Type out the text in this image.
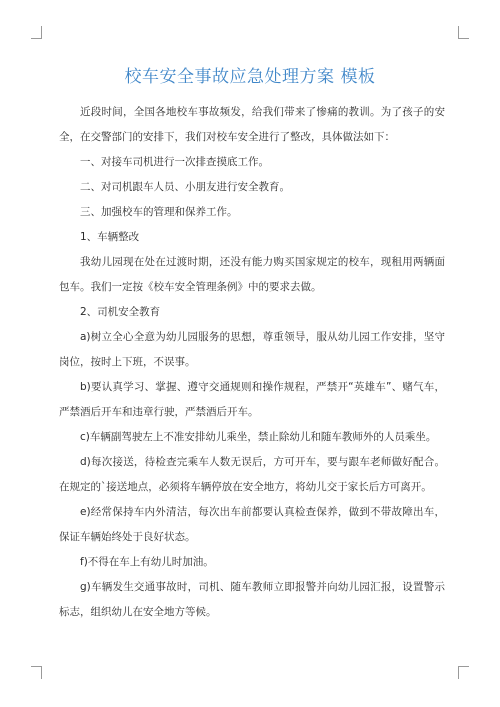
校车安全事故应急处理方案 模板

近段时间，全国各地校车事故频发，给我们带来了惨痛的教训。为了孩子的安全，在交警部门的安排下，我们对校车安全进行了整改，具体做法如下：

一、对接车司机进行一次排查摸底工作。

二、对司机跟车人员、小朋友进行安全教育。

三、加强校车的管理和保养工作。

1、车辆整改

我幼儿园现在处在过渡时期，还没有能力购买国家规定的校车，现租用两辆面包车。我们一定按《校车安全管理条例》中的要求去做。

2、司机安全教育

a)树立全心全意为幼儿园服务的思想，尊重领导，服从幼儿园工作安排，坚守岗位，按时上下班，不误事。

b)要认真学习、掌握、遵守交通规则和操作规程，严禁开“英雄车”、赌气车，严禁酒后开车和违章行驶，严禁酒后开车。

c)车辆副驾驶左上不准安排幼儿乘坐，禁止除幼儿和随车教师外的人员乘坐。

d)每次接送，待检查完乘车人数无误后，方可开车，要与跟车老师做好配合。在规定的`接送地点，必须将车辆停放在安全地方，将幼儿交于家长后方可离开。

e)经常保持车内外清洁，每次出车前都要认真检查保养，做到不带故障出车，保证车辆始终处于良好状态。

f)不得在车上有幼儿时加油。

g)车辆发生交通事故时，司机、随车教师立即报警并向幼儿园汇报，设置警示标志，组织幼儿在安全地方等候。
